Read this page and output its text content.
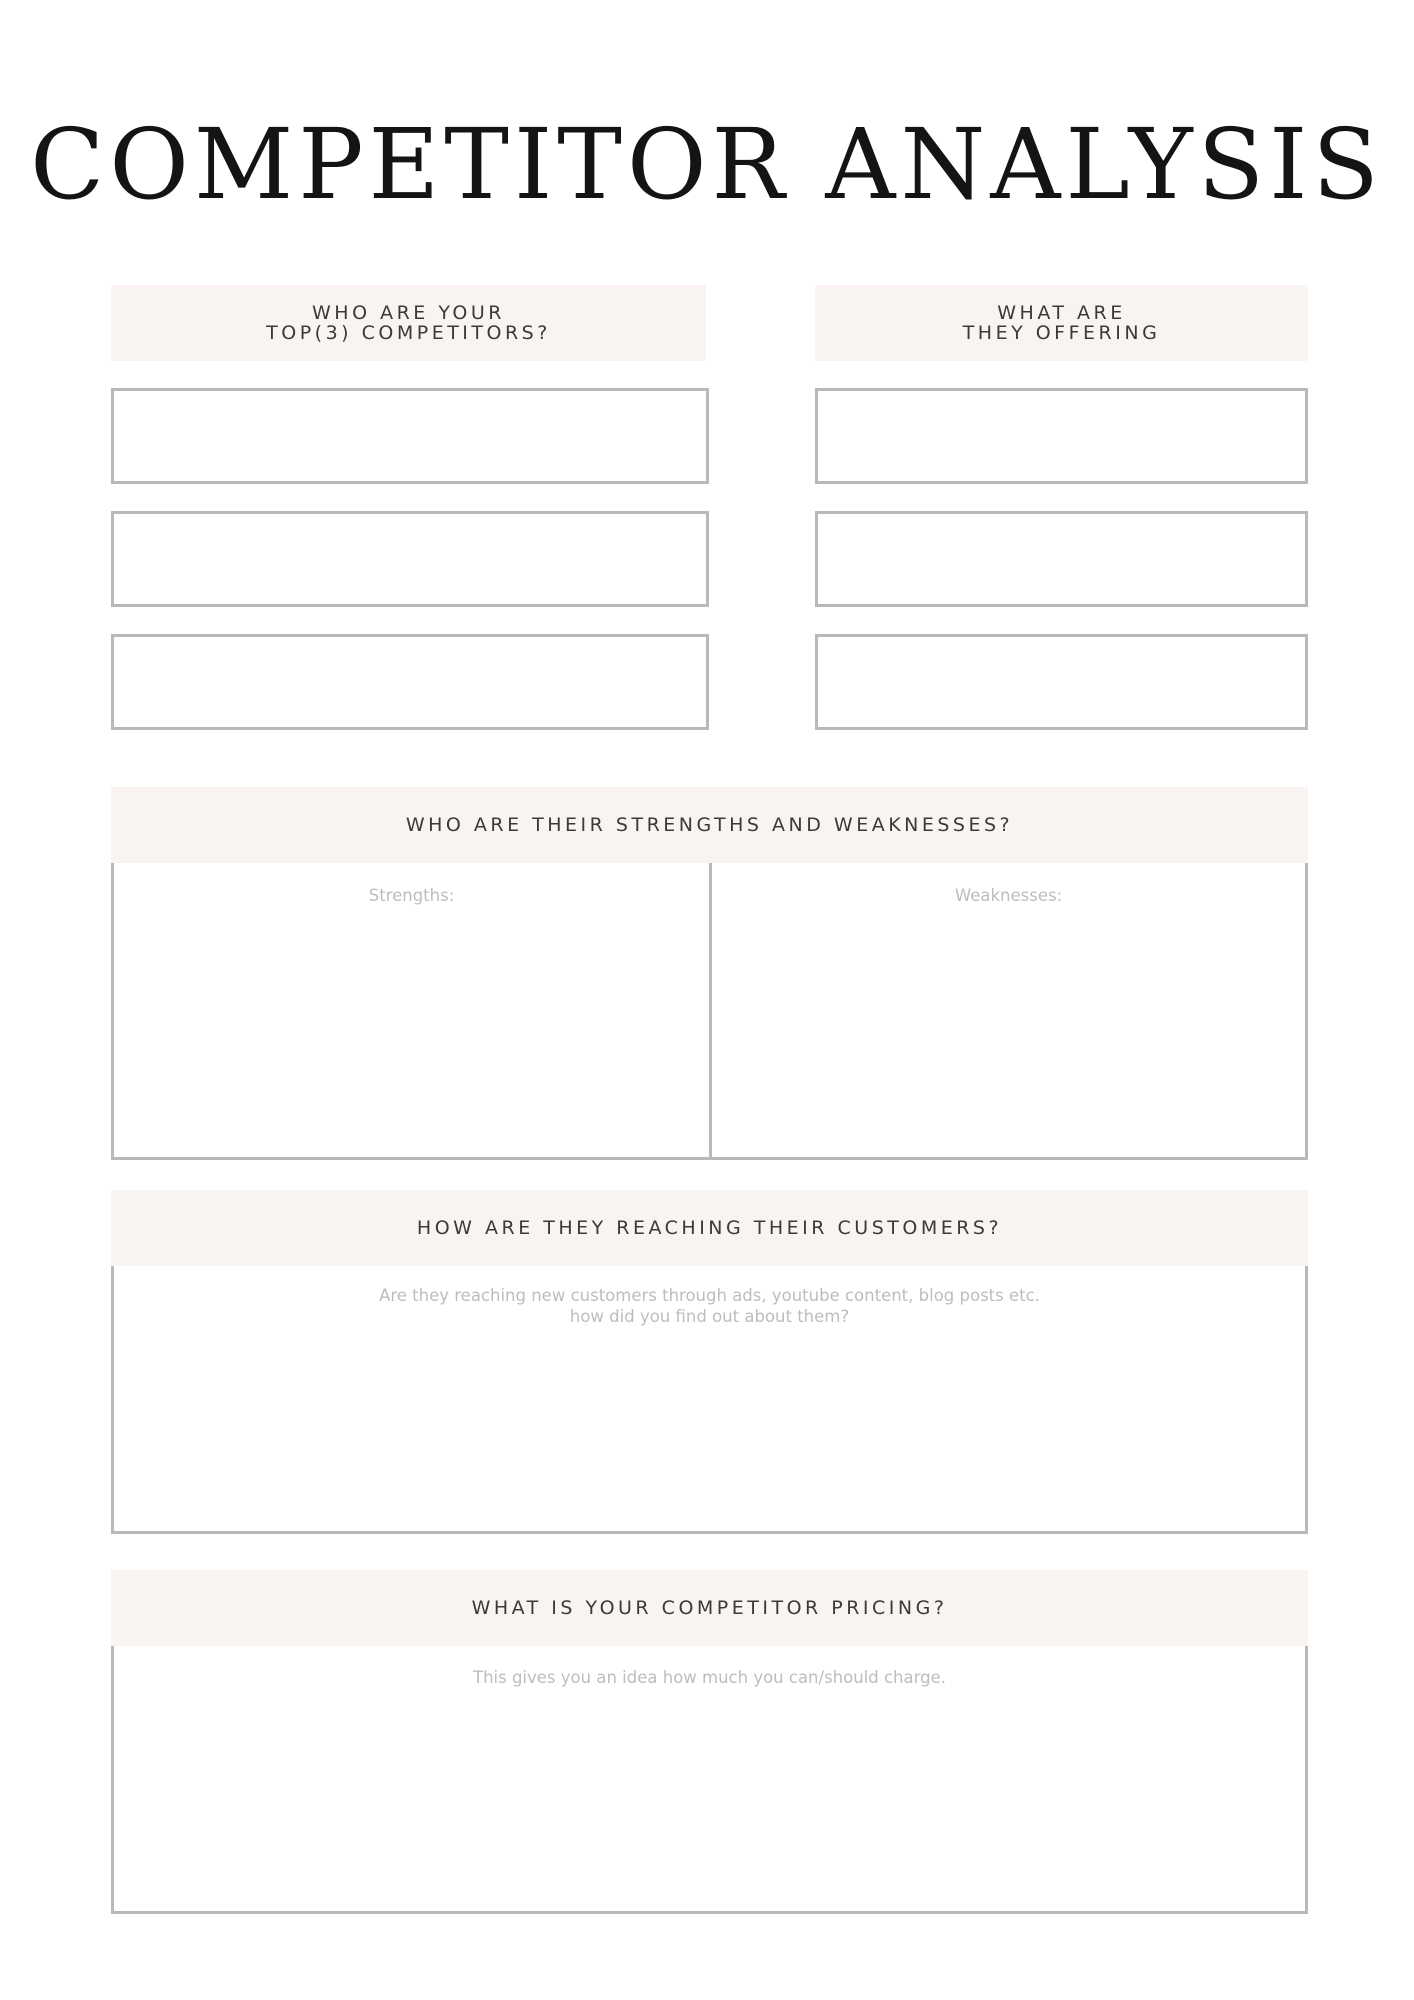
COMPETITOR ANALYSIS
WHO ARE YOUR
TOP(3) COMPETITORS?
WHAT ARE
THEY OFFERING
WHO ARE THEIR STRENGTHS AND WEAKNESSES?
Strengths:	Weaknesses:
HOW ARE THEY REACHING THEIR CUSTOMERS?
Are they reaching new customers through ads, youtube content, blog posts etc.
how did you find out about them?
WHAT IS YOUR COMPETITOR PRICING?
This gives you an idea how much you can/should charge.
